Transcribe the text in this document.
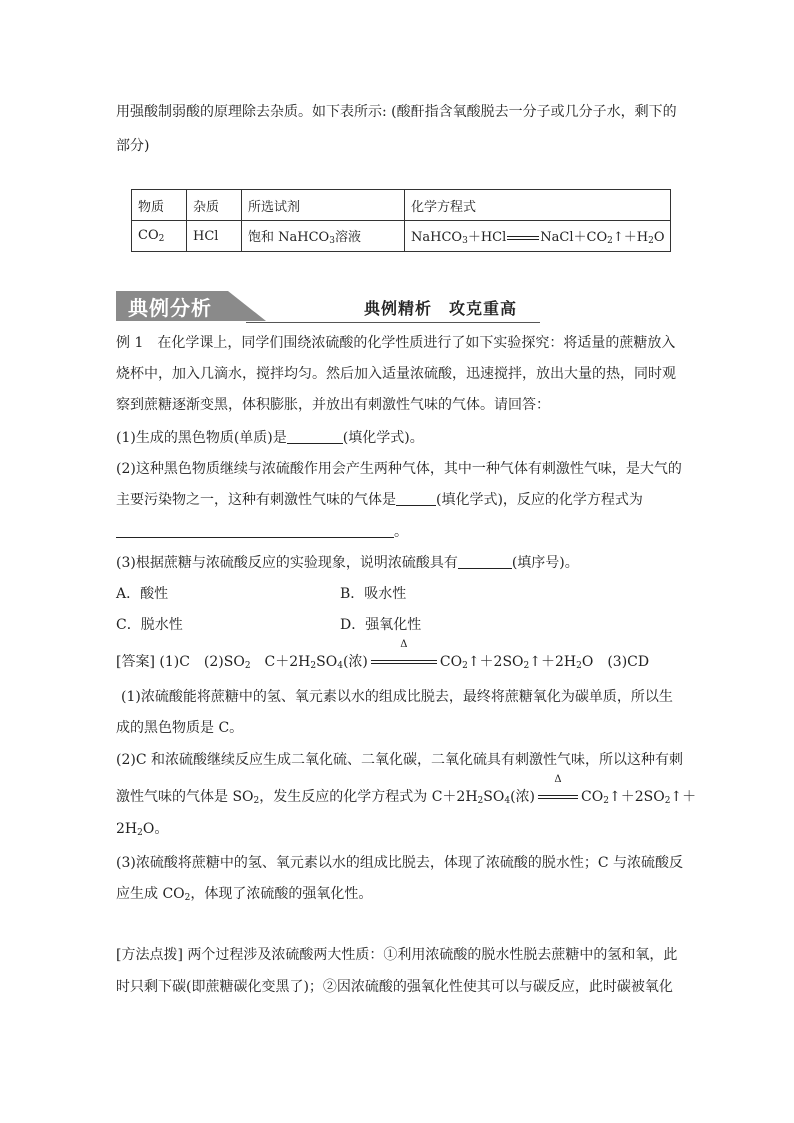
用强酸制弱酸的原理除去杂质。如下表所示: (酸酐指含氧酸脱去一分子或几分子水，剩下的
部分)
物质	杂质	所选试剂	化学方程式
$CO_2$	HCl	饱和 NaHCO$_3$溶液	NaHCO$_3$＋HCl $NaCl+CO_2↑+H_2O$
典例分析	典例精析　攻克重高
例 1　在化学课上，同学们围绕浓硫酸的化学性质进行了如下实验探究：将适量的蔗糖放入
烧杯中，加入几滴水，搅拌均匀。然后加入适量浓硫酸，迅速搅拌，放出大量的热，同时观
察到蔗糖逐渐变黑，体积膨胀，并放出有刺激性气味的气体。请回答：
(1)生成的黑色物质(单质)是	(填化学式)。
(2)这种黑色物质继续与浓硫酸作用会产生两种气体，其中一种气体有刺激性气味，是大气的
主要污染物之一，这种有刺激性气味的气体是	(填化学式)，反应的化学方程式为
。
(3)根据蔗糖与浓硫酸反应的实验现象，说明浓硫酸具有	(填序号)。
A．酸性	B．吸水性
C．脱水性	D．强氧化性
[答案] (1)C　$(2)SO_2$　$C+2H_2SO_4$(浓)
Δ
$CO_2↑+2SO_2↑+2H_2O$　(3)CD
(1)浓硫酸能将蔗糖中的氢、氧元素以水的组成比脱去，最终将蔗糖氧化为碳单质，所以生
成的黑色物质是 C。
(2)C 和浓硫酸继续反应生成二氧化硫、二氧化碳，二氧化硫具有刺激性气味，所以这种有刺
激性气味的气体是 $SO_2$，发生反应的化学方程式为 $C+2H_2SO_4$(浓)
Δ
$CO_2↑+2SO_2↑+$
$2H_2O$。
(3)浓硫酸将蔗糖中的氢、氧元素以水的组成比脱去，体现了浓硫酸的脱水性；C 与浓硫酸反
应生成 $CO_2$，体现了浓硫酸的强氧化性。
[方法点拨] 两个过程涉及浓硫酸两大性质：①利用浓硫酸的脱水性脱去蔗糖中的氢和氧，此
时只剩下碳(即蔗糖碳化变黑了)；②因浓硫酸的强氧化性使其可以与碳反应，此时碳被氧化
